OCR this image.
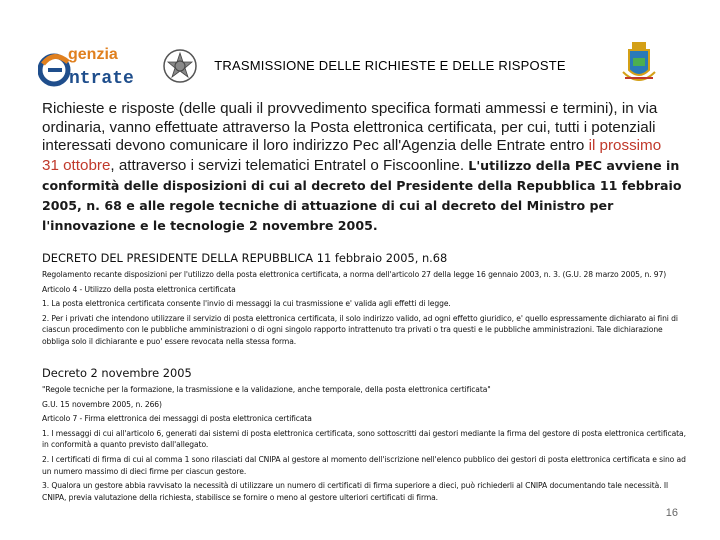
genzia
ntrate
TRASMISSIONE DELLE RICHIESTE E DELLE RISPOSTE
Richieste e risposte (delle quali il provvedimento specifica formati ammessi e termini), in via ordinaria, vanno effettuate attraverso la Posta elettronica certificata, per cui, tutti i potenziali interessati devono comunicare il loro indirizzo Pec all'Agenzia delle Entrate entro il prossimo 31 ottobre, attraverso i servizi telematici Entratel o Fiscoonline. L'utilizzo della PEC avviene in conformità delle disposizioni di cui al decreto del Presidente della Repubblica 11 febbraio 2005, n. 68 e alle regole tecniche di attuazione di cui al decreto del Ministro per l'innovazione e le tecnologie 2 novembre 2005.
DECRETO DEL PRESIDENTE DELLA REPUBBLICA 11 febbraio 2005, n.68

Regolamento recante disposizioni per l'utilizzo della posta elettronica certificata, a norma dell'articolo 27 della legge 16 gennaio 2003, n. 3. (G.U. 28 marzo 2005, n. 97)

Articolo 4 - Utilizzo della posta elettronica certificata

1. La posta elettronica certificata consente l'invio di messaggi la cui trasmissione e' valida agli effetti di legge.

2. Per i privati che intendono utilizzare il servizio di posta elettronica certificata, il solo indirizzo valido, ad ogni effetto giuridico, e' quello espressamente dichiarato ai fini di ciascun procedimento con le pubbliche amministrazioni o di ogni singolo rapporto intrattenuto tra privati o tra questi e le pubbliche amministrazioni. Tale dichiarazione obbliga solo il dichiarante e puo' essere revocata nella stessa forma.

Decreto 2 novembre 2005

"Regole tecniche per la formazione, la trasmissione e la validazione, anche temporale, della posta elettronica certificata"

G.U. 15 novembre 2005, n. 266)

Articolo 7 - Firma elettronica dei messaggi di posta elettronica certificata

1. I messaggi di cui all'articolo 6, generati dai sistemi di posta elettronica certificata, sono sottoscritti dai gestori mediante la firma del gestore di posta elettronica certificata, in conformità a quanto previsto dall'allegato.

2. I certificati di firma di cui al comma 1 sono rilasciati dal CNIPA al gestore al momento dell'iscrizione nell'elenco pubblico dei gestori di posta elettronica certificata e sino ad un numero massimo di dieci firme per ciascun gestore.

3. Qualora un gestore abbia ravvisato la necessità di utilizzare un numero di certificati di firma superiore a dieci, può richiederli al CNIPA documentando tale necessità. Il CNIPA, previa valutazione della richiesta, stabilisce se fornire o meno al gestore ulteriori certificati di firma.

16
